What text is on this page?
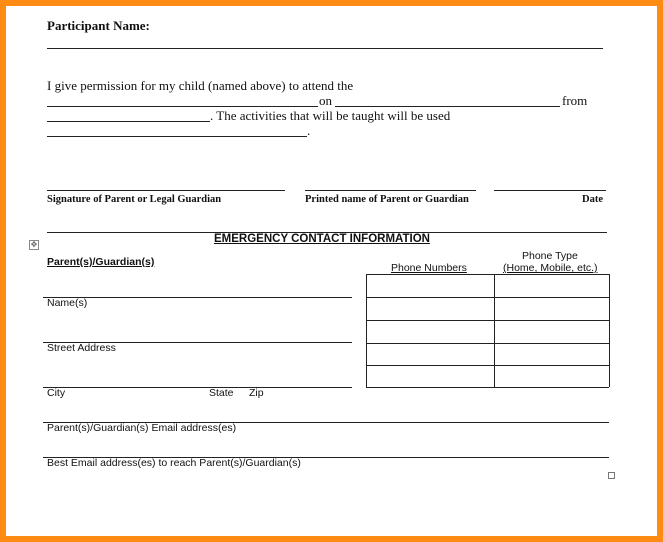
Participant Name:
I give permission for my child (named above) to attend the
on	from
. The activities that will be taught will be used
.
Signature of Parent or Legal Guardian	Printed name of Parent or Guardian	Date
✥	EMERGENCY CONTACT INFORMATION
Parent(s)/Guardian(s)	Phone Type
Phone Numbers	(Home, Mobile, etc.)
Name(s)
Street Address
City	State Zip
Parent(s)/Guardian(s) Email address(es)
Best Email address(es) to reach Parent(s)/Guardian(s)
